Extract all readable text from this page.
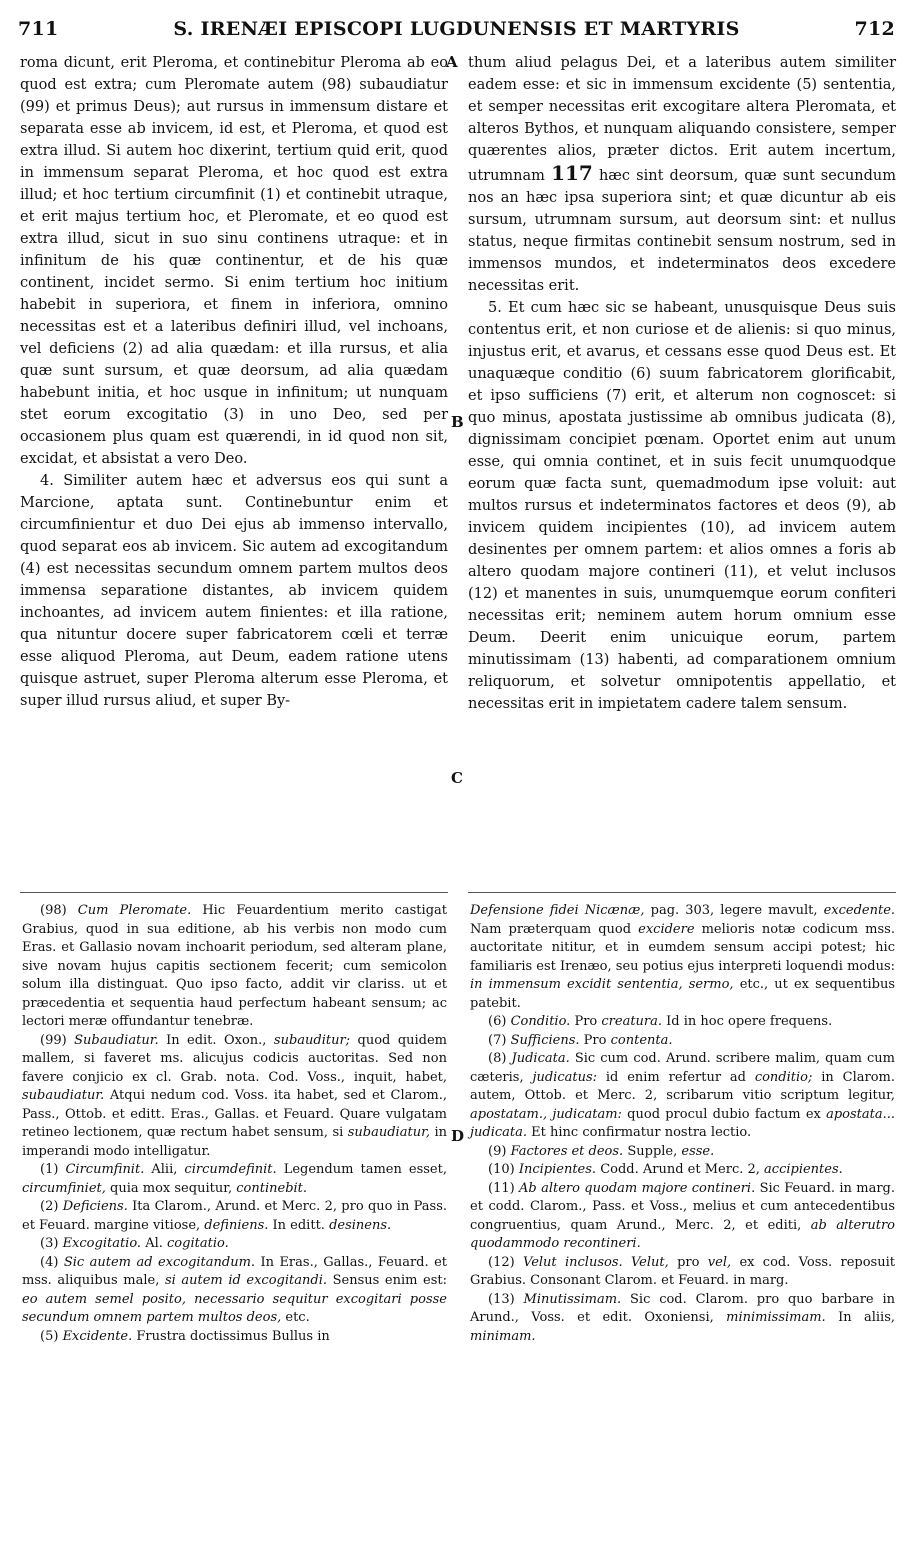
711	S. IRENÆI EPISCOPI LUGDUNENSIS ET MARTYRIS	712
A
B
C
D

roma dicunt, erit Pleroma, et continebitur Pleroma ab eo quod est extra; cum Pleromate autem (98) subaudiatur (99) et primus Deus); aut rursus in immensum distare et separata esse ab invicem, id est, et Pleroma, et quod est extra illud. Si autem hoc dixerint, tertium quid erit, quod in immensum separat Pleroma, et hoc quod est extra illud; et hoc tertium circumfinit (1) et continebit utraque, et erit majus tertium hoc, et Pleromate, et eo quod est extra illud, sicut in suo sinu continens utraque: et in infinitum de his quæ continentur, et de his quæ continent, incidet sermo. Si enim tertium hoc initium habebit in superiora, et finem in inferiora, omnino necessitas est et a lateribus definiri illud, vel inchoans, vel deficiens (2) ad alia quædam: et illa rursus, et alia quæ sunt sursum, et quæ deorsum, ad alia quædam habebunt initia, et hoc usque in infinitum; ut nunquam stet eorum excogitatio (3) in uno Deo, sed per occasionem plus quam est quærendi, in id quod non sit, excidat, et absistat a vero Deo.

4. Similiter autem hæc et adversus eos qui sunt a Marcione, aptata sunt. Continebuntur enim et circumfinientur et duo Dei ejus ab immenso intervallo, quod separat eos ab invicem. Sic autem ad excogitandum (4) est necessitas secundum omnem partem multos deos immensa separatione distantes, ab invicem quidem inchoantes, ad invicem autem finientes: et illa ratione, qua nituntur docere super fabricatorem cœli et terræ esse aliquod Pleroma, aut Deum, eadem ratione utens quisque astruet, super Pleroma alterum esse Pleroma, et super illud rursus aliud, et super By-

thum aliud pelagus Dei, et a lateribus autem similiter eadem esse: et sic in immensum excidente (5) sententia, et semper necessitas erit excogitare altera Pleromata, et alteros Bythos, et nunquam aliquando consistere, semper quærentes alios, præter dictos. Erit autem incertum, utrumnam 117 hæc sint deorsum, quæ sunt secundum nos an hæc ipsa superiora sint; et quæ dicuntur ab eis sursum, utrumnam sursum, aut deorsum sint: et nullus status, neque firmitas continebit sensum nostrum, sed in immensos mundos, et indeterminatos deos excedere necessitas erit.

5. Et cum hæc sic se habeant, unusquisque Deus suis contentus erit, et non curiose et de alienis: si quo minus, injustus erit, et avarus, et cessans esse quod Deus est. Et unaquæque conditio (6) suum fabricatorem glorificabit, et ipso sufficiens (7) erit, et alterum non cognoscet: si quo minus, apostata justissime ab omnibus judicata (8), dignissimam concipiet pœnam. Oportet enim aut unum esse, qui omnia continet, et in suis fecit unumquodque eorum quæ facta sunt, quemadmodum ipse voluit: aut multos rursus et indeterminatos factores et deos (9), ab invicem quidem incipientes (10), ad invicem autem desinentes per omnem partem: et alios omnes a foris ab altero quodam majore contineri (11), et velut inclusos (12) et manentes in suis, unumquemque eorum confiteri necessitas erit; neminem autem horum omnium esse Deum. Deerit enim unicuique eorum, partem minutissimam (13) habenti, ad comparationem omnium reliquorum, et solvetur omnipotentis appellatio, et necessitas erit in impietatem cadere talem sensum.

(98) Cum Pleromate. Hic Feuardentium merito castigat Grabius, quod in sua editione, ab his verbis non modo cum Eras. et Gallasio novam inchoarit periodum, sed alteram plane, sive novam hujus capitis sectionem fecerit; cum semicolon solum illa distinguat. Quo ipso facto, addit vir clariss. ut et præcedentia et sequentia haud perfectum habeant sensum; ac lectori meræ offundantur tenebræ.

(99) Subaudiatur. In edit. Oxon., subauditur; quod quidem mallem, si faveret ms. alicujus codicis auctoritas. Sed non favere conjicio ex cl. Grab. nota. Cod. Voss., inquit, habet, subaudiatur. Atqui nedum cod. Voss. ita habet, sed et Clarom., Pass., Ottob. et editt. Eras., Gallas. et Feuard. Quare vulgatam retineo lectionem, quæ rectum habet sensum, si subaudiatur, in imperandi modo intelligatur.

(1) Circumfinit. Alii, circumdefinit. Legendum tamen esset, circumfiniet, quia mox sequitur, continebit.

(2) Deficiens. Ita Clarom., Arund. et Merc. 2, pro quo in Pass. et Feuard. margine vitiose, definiens. In editt. desinens.

(3) Excogitatio. Al. cogitatio.

(4) Sic autem ad excogitandum. In Eras., Gallas., Feuard. et mss. aliquibus male, si autem id excogitandi. Sensus enim est: eo autem semel posito, necessario sequitur excogitari posse secundum omnem partem multos deos, etc.

(5) Excidente. Frustra doctissimus Bullus in

Defensione fidei Nicænæ, pag. 303, legere mavult, excedente. Nam præterquam quod excidere melioris notæ codicum mss. auctoritate nititur, et in eumdem sensum accipi potest; hic familiaris est Irenæo, seu potius ejus interpreti loquendi modus: in immensum excidit sententia, sermo, etc., ut ex sequentibus patebit.

(6) Conditio. Pro creatura. Id in hoc opere frequens.

(7) Sufficiens. Pro contenta.

(8) Judicata. Sic cum cod. Arund. scribere malim, quam cum cæteris, judicatus: id enim refertur ad conditio; in Clarom. autem, Ottob. et Merc. 2, scribarum vitio scriptum legitur, apostatam., judicatam: quod procul dubio factum ex apostata... judicata. Et hinc confirmatur nostra lectio.

(9) Factores et deos. Supple, esse.

(10) Incipientes. Codd. Arund et Merc. 2, accipientes.

(11) Ab altero quodam majore contineri. Sic Feuard. in marg. et codd. Clarom., Pass. et Voss., melius et cum antecedentibus congruentius, quam Arund., Merc. 2, et editi, ab alterutro quodammodo recontineri.

(12) Velut inclusos. Velut, pro vel, ex cod. Voss. reposuit Grabius. Consonant Clarom. et Feuard. in marg.

(13) Minutissimam. Sic cod. Clarom. pro quo barbare in Arund., Voss. et edit. Oxoniensi, minimissimam. In aliis, minimam.
